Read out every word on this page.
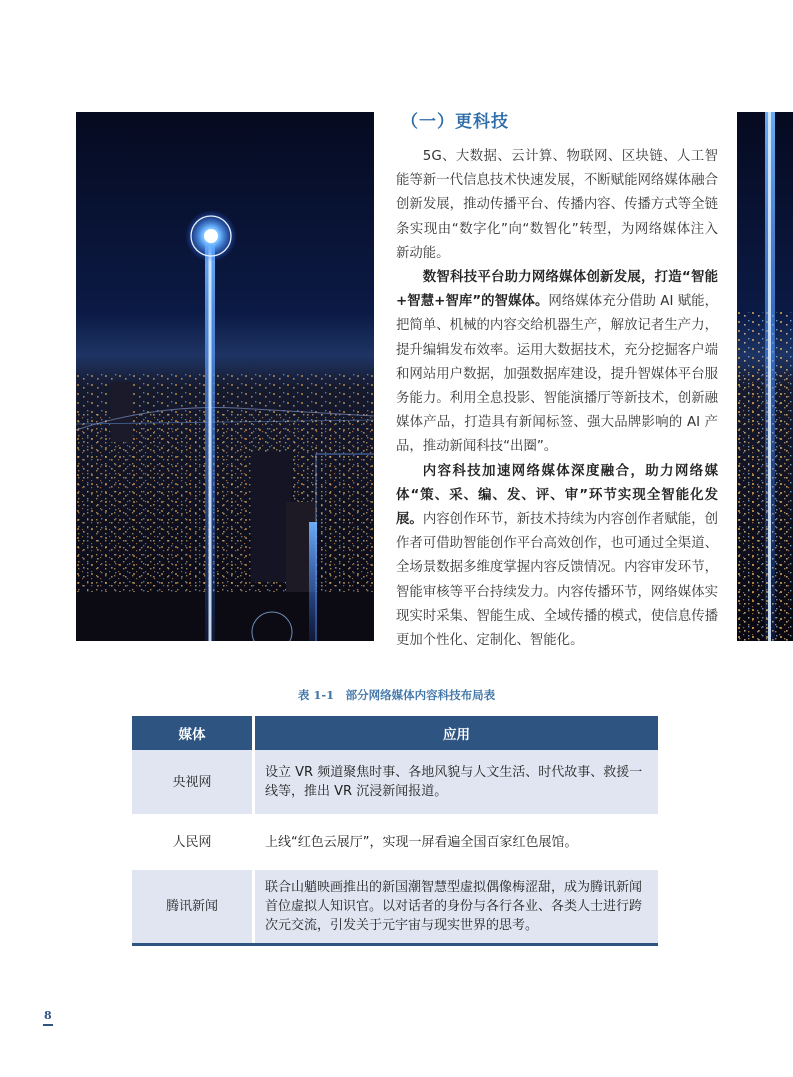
（一）更科技

5G、大数据、云计算、物联网、区块链、人工智能等新一代信息技术快速发展，不断赋能网络媒体融合创新发展，推动传播平台、传播内容、传播方式等全链条实现由“数字化”向“数智化”转型，为网络媒体注入新动能。

数智科技平台助力网络媒体创新发展，打造“智能+智慧+智库”的智媒体。网络媒体充分借助 AI 赋能，把简单、机械的内容交给机器生产，解放记者生产力，提升编辑发布效率。运用大数据技术，充分挖掘客户端和网站用户数据，加强数据库建设，提升智媒体平台服务能力。利用全息投影、智能演播厅等新技术，创新融媒体产品，打造具有新闻标签、强大品牌影响的 AI 产品，推动新闻科技“出圈”。

内容科技加速网络媒体深度融合，助力网络媒体“策、采、编、发、评、审”环节实现全智能化发展。内容创作环节，新技术持续为内容创作者赋能，创作者可借助智能创作平台高效创作，也可通过全渠道、全场景数据多维度掌握内容反馈情况。内容审发环节，智能审核等平台持续发力。内容传播环节，网络媒体实现实时采集、智能生成、全域传播的模式，使信息传播更加个性化、定制化、智能化。

表 1-1　部分网络媒体内容科技布局表
媒体	应用
央视网	设立 VR 频道聚焦时事、各地风貌与人文生活、时代故事、救援一线等，推出 VR 沉浸新闻报道。
人民网	上线“红色云展厅”，实现一屏看遍全国百家红色展馆。
腾讯新闻	联合山魈映画推出的新国潮智慧型虚拟偶像梅涩甜，成为腾讯新闻首位虚拟人知识官。以对话者的身份与各行各业、各类人士进行跨次元交流，引发关于元宇宙与现实世界的思考。
8
